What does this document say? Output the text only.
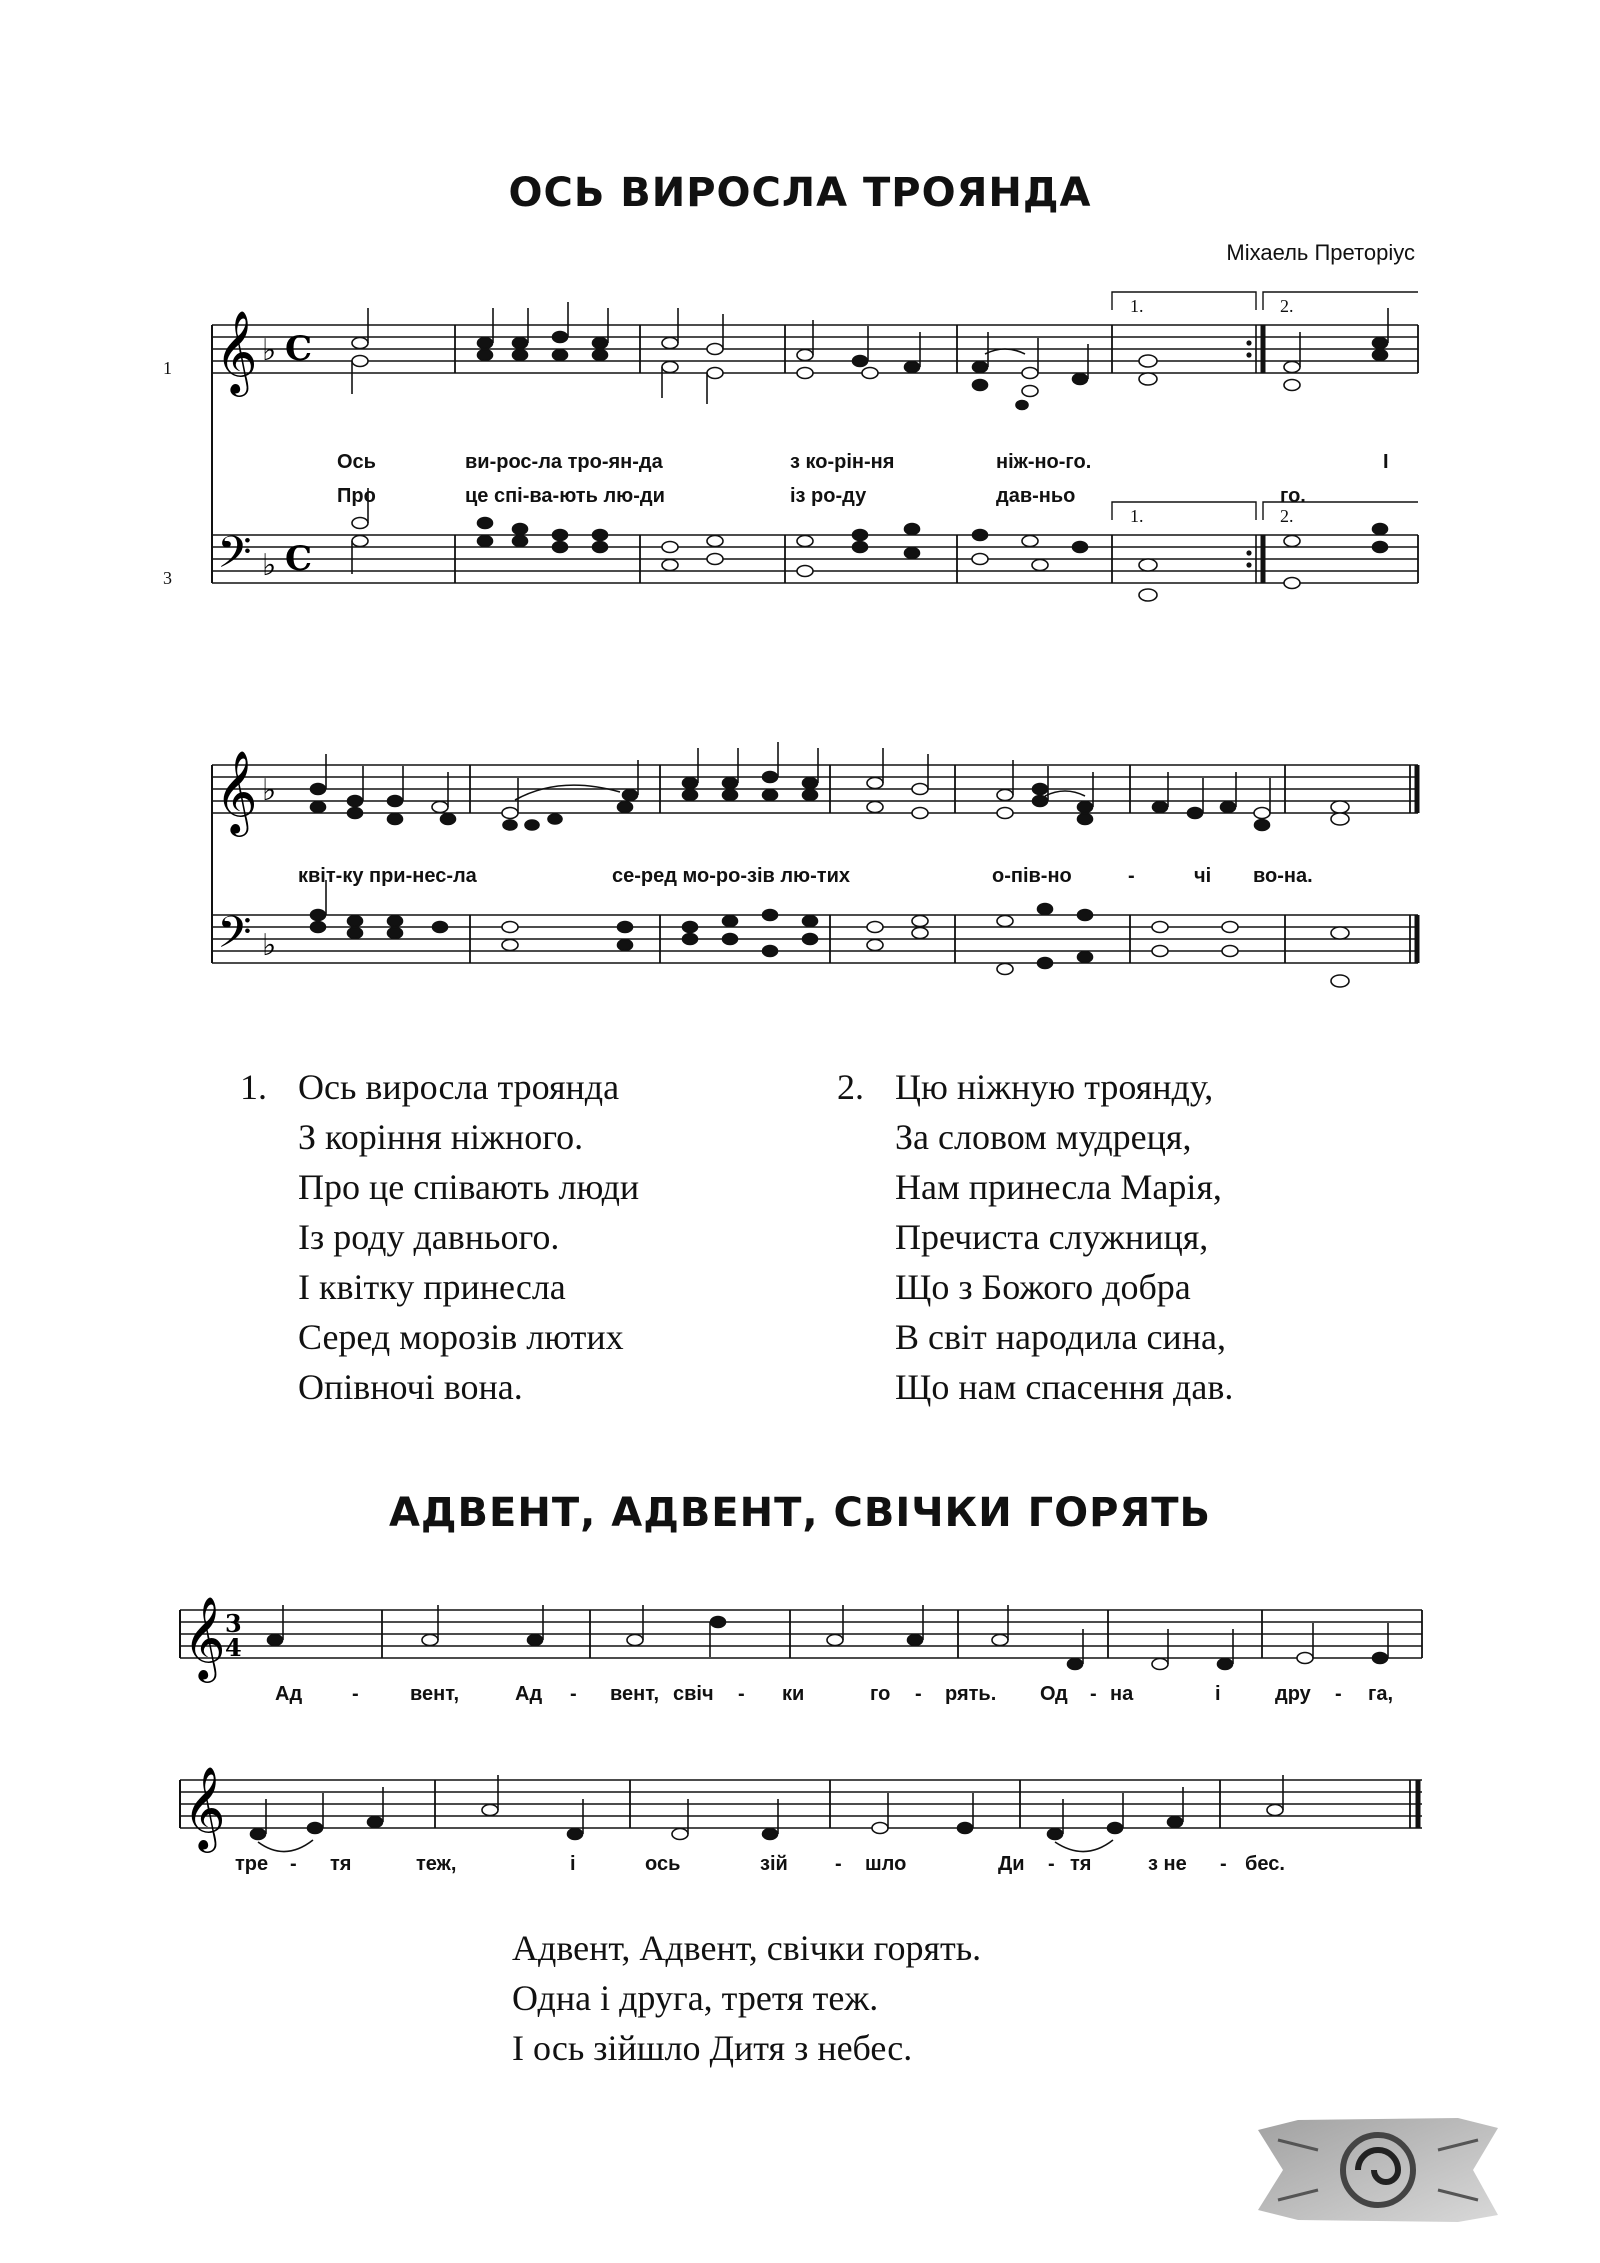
ОСЬ ВИРОСЛА ТРОЯНДА
Міхаель Преторіус
1
3
𝄞
𝄢
♭
♭
C
C
1.	2.
1.	2.
Ось	ви-рос-ла тро-ян-да	з ко-рін-ня	ніж-но-го.	І
Про	це спі-ва-ють лю-ди	із ро-ду	дав-ньо	го.
𝄞
𝄢
♭
♭
квіт-ку при-нес-ла	се-ред мо-ро-зів лю-тих	о-пів-но	-	чі во-на.
1. Ось виросла троянда
З коріння ніжного.
Про це співають люди
Із роду давнього.
І квітку принесла
Серед морозів лютих
Опівночі вона.
2. Цю ніжную троянду,
За словом мудреця,
Нам принесла Марія,
Пречиста служниця,
Що з Божого добра
В світ народила сина,
Що нам спасення дав.
АДВЕНТ, АДВЕНТ, СВІЧКИ ГОРЯТЬ
𝄞 3
4
Ад -	вент,	Ад - вент, свіч - ки	го - рять. Од - на	і	дру - га,
𝄞
тре - тя	теж,	і	ось	зій - шло	Ди - тя	з не - бес.
Адвент, Адвент, свічки горять.
Одна і друга, третя теж.
І ось зійшло Дитя з небес.
